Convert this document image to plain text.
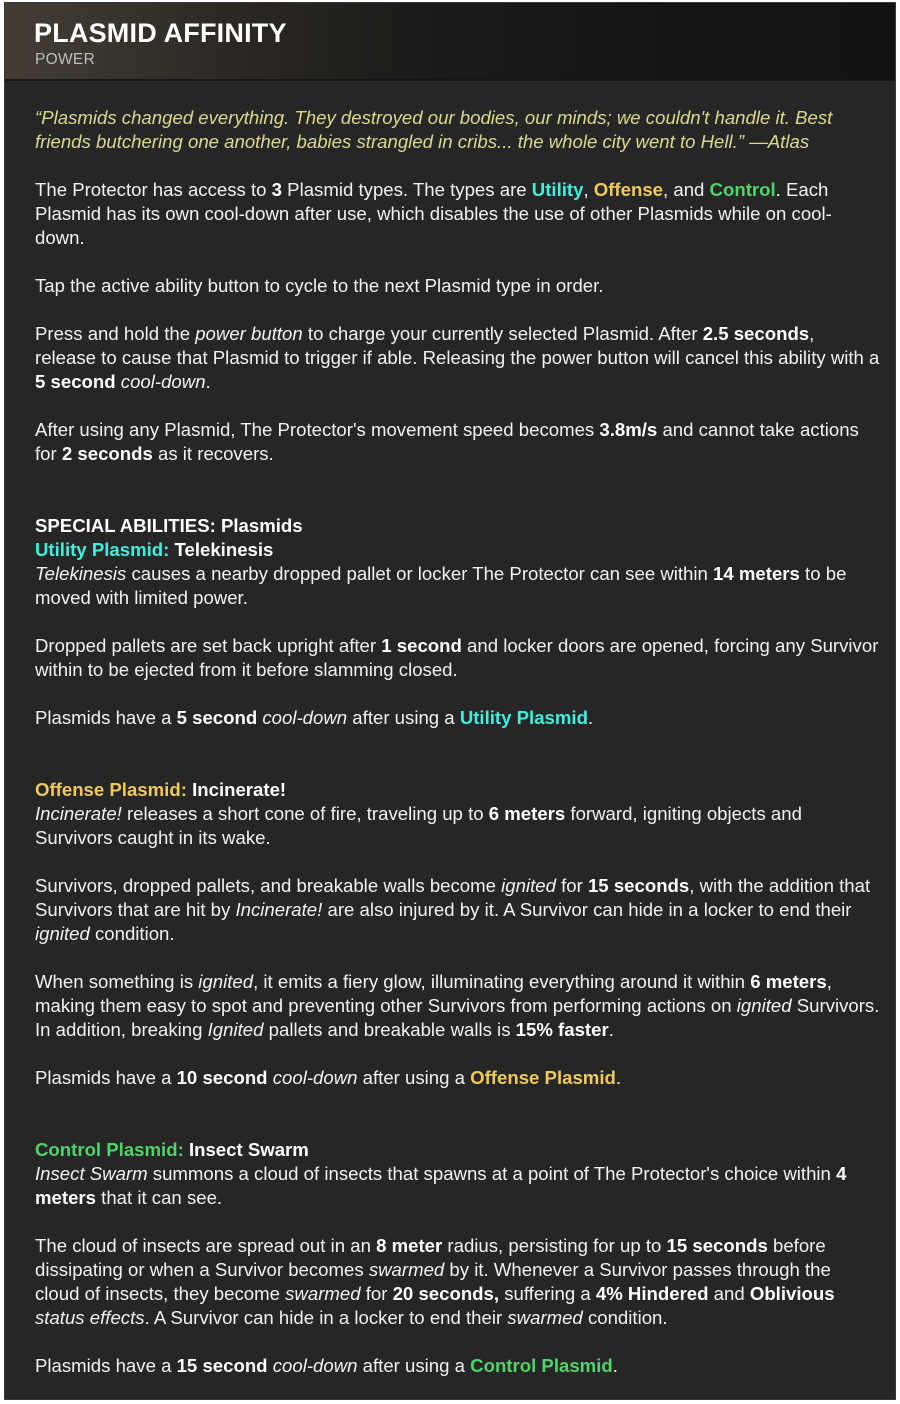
PLASMID AFFINITY
POWER

“Plasmids changed everything. They destroyed our bodies, our minds; we couldn't handle it. Best friends butchering one another, babies strangled in cribs... the whole city went to Hell.” —Atlas

The Protector has access to 3 Plasmid types. The types are Utility, Offense, and Control. Each Plasmid has its own cool-down after use, which disables the use of other Plasmids while on cool-down.

Tap the active ability button to cycle to the next Plasmid type in order.

Press and hold the power button to charge your currently selected Plasmid. After 2.5 seconds, release to cause that Plasmid to trigger if able. Releasing the power button will cancel this ability with a 5 second cool-down.

After using any Plasmid, The Protector's movement speed becomes 3.8m/s and cannot take actions for 2 seconds as it recovers.

SPECIAL ABILITIES: Plasmids

Utility Plasmid: Telekinesis

Telekinesis causes a nearby dropped pallet or locker The Protector can see within 14 meters to be moved with limited power.

Dropped pallets are set back upright after 1 second and locker doors are opened, forcing any Survivor within to be ejected from it before slamming closed.

Plasmids have a 5 second cool-down after using a Utility Plasmid.

Offense Plasmid: Incinerate!

Incinerate! releases a short cone of fire, traveling up to 6 meters forward, igniting objects and Survivors caught in its wake.

Survivors, dropped pallets, and breakable walls become ignited for 15 seconds, with the addition that Survivors that are hit by Incinerate! are also injured by it. A Survivor can hide in a locker to end their ignited condition.

When something is ignited, it emits a fiery glow, illuminating everything around it within 6 meters, making them easy to spot and preventing other Survivors from performing actions on ignited Survivors. In addition, breaking Ignited pallets and breakable walls is 15% faster.

Plasmids have a 10 second cool-down after using a Offense Plasmid.

Control Plasmid: Insect Swarm

Insect Swarm summons a cloud of insects that spawns at a point of The Protector's choice within 4 meters that it can see.

The cloud of insects are spread out in an 8 meter radius, persisting for up to 15 seconds before dissipating or when a Survivor becomes swarmed by it. Whenever a Survivor passes through the cloud of insects, they become swarmed for 20 seconds, suffering a 4% Hindered and Oblivious status effects. A Survivor can hide in a locker to end their swarmed condition.

Plasmids have a 15 second cool-down after using a Control Plasmid.
